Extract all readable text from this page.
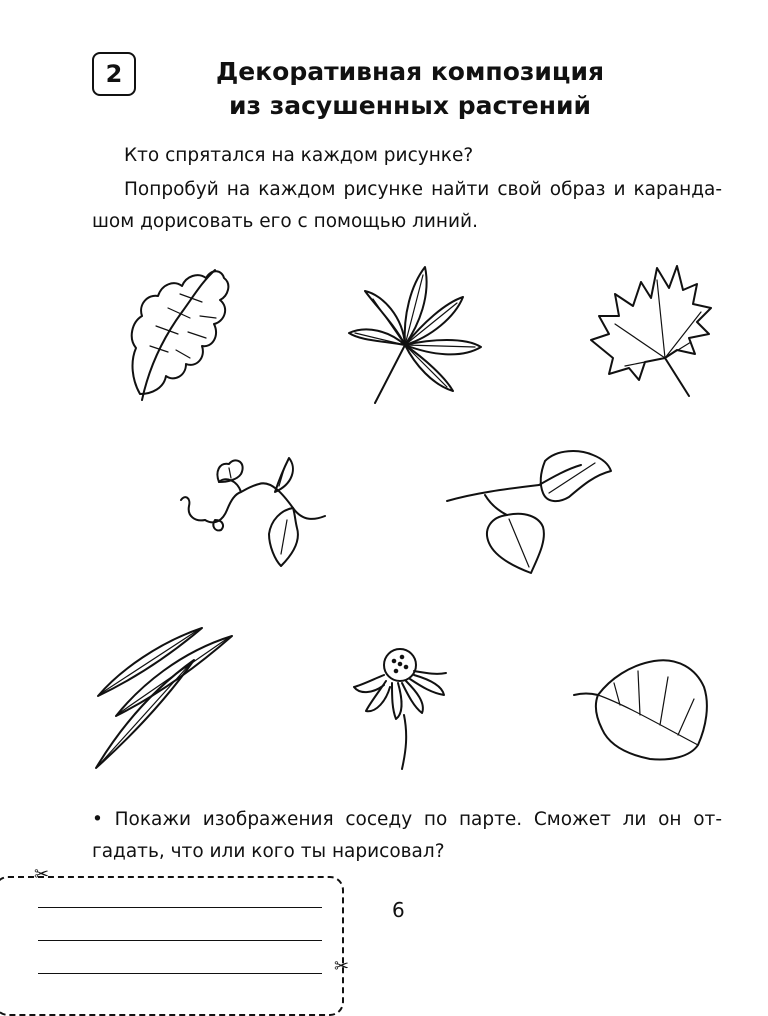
2	Декоративная композиция
из засушенных растений
Кто спрятался на каждом рисунке?
Попробуй на каждом рисунке найти свой образ и каранда- шом дорисовать его с помощью линий.
• Покажи изображения соседу по парте. Сможет ли он от- гадать, что или кого ты нарисовал?
✂
✂
6
